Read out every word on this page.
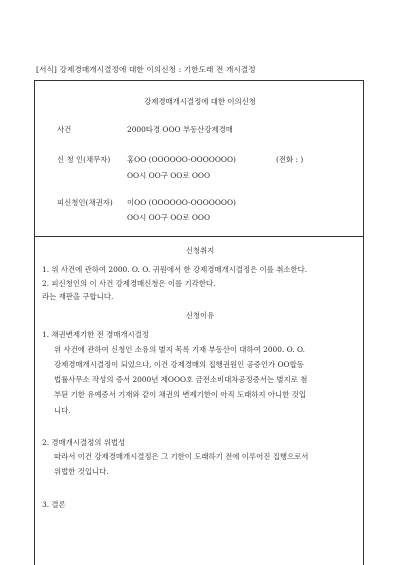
[서식] 강제경매개시결정에 대한 이의신청 : 기한도래 전 개시결정
강제경매개시결정에 대한 이의신청
사건	2000타경 OOO 부동산강제경매
신 청 인(채무자) 홍OO (OOOOOO-OOOOOOO)	(전화 : )
OO시 OO구 OO로 OOO
피신청인(채권자) 이OO (OOOOOO-OOOOOOO)
OO시 OO구 OO로 OOO
신청취지
1. 위 사건에 관하여 2000. O. O. 귀원에서 한 강제경매개시결정은 이를 취소한다.
2. 피신청인의 이 사건 강제경매신청은 이를 기각한다.
라는 재판을 구합니다.
신청이유
1. 채권변제기한 전 경매개시결정
위 사건에 관하여 신청인 소유의 별지 목록 기재 부동산이 대하여 2000. O. O.
강제경매개시결정이 되었으나, 이건 강제경매의 집행권원인 공증인가 OO합동
법률사무소 작성의 증서 2000년 제OOO호 금전소비대차공정증서는 별지로 첨
부된 기한 유예증서 기재와 같이 채권의 변제기한이 아직 도래하지 아니한 것입
니다.
2. 경매개시결정의 위법성
따라서 이건 강제경매개시결정은 그 기한이 도래하기 전에 이루어진 집행으로서
위법한 것입니다.
3. 결론
